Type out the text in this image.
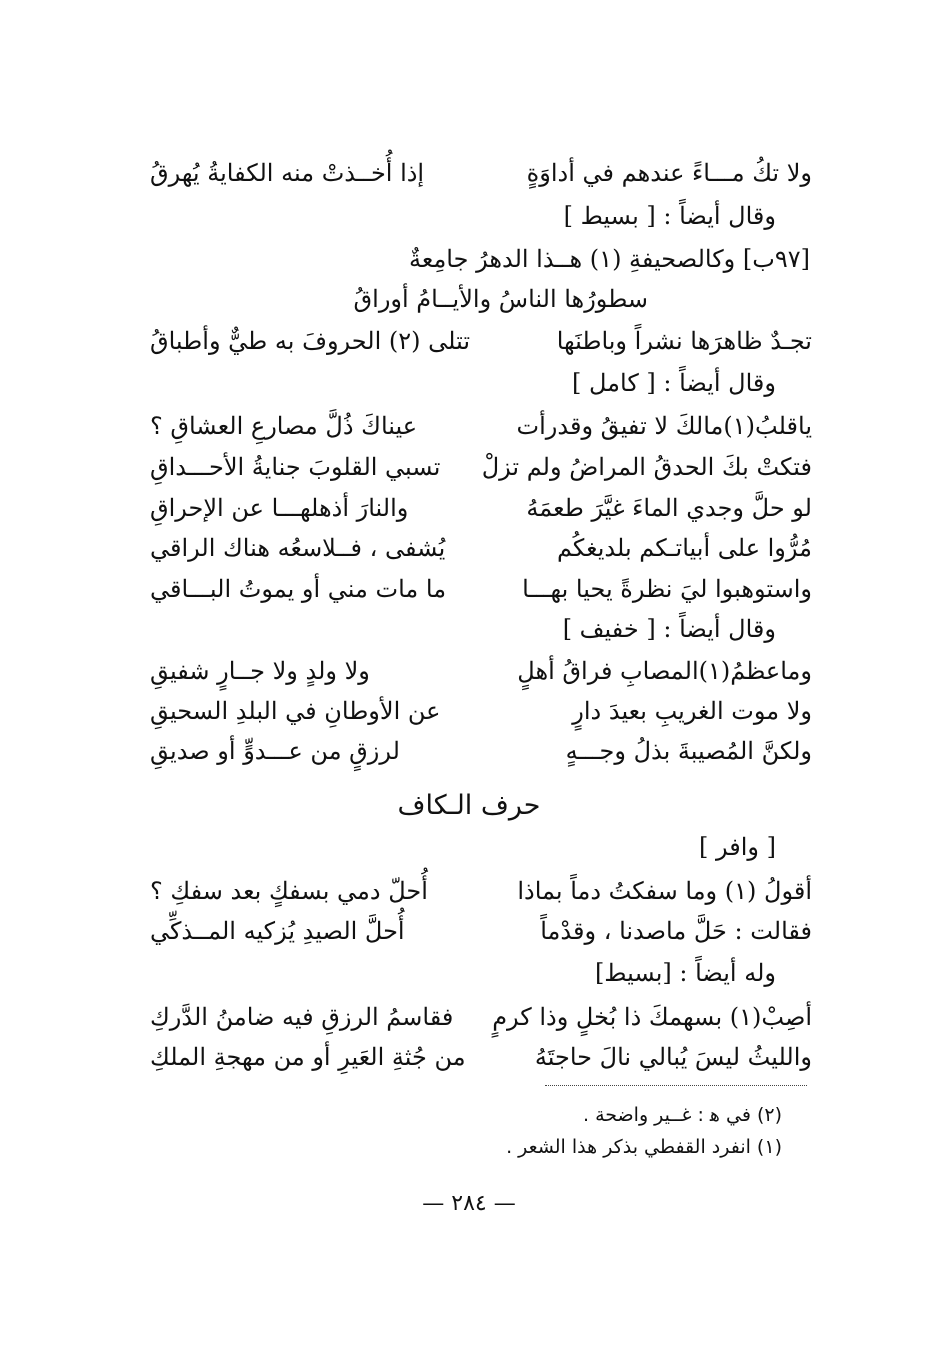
ولا تكُ مـــاءً عندهم في أداوَةٍ
إذا أُخــذتْ منه الكفايةُ يُهرقُ
وقال أيضاً : [ بسيط ]
[٩٧ب] وكالصحيفةِ (١) هــذا الدهرُ جامِعةٌ
سطورُها الناسُ والأيــامُ أوراقُ
تجـدٌ ظاهرَها نشراً وباطنَها
تتلى (٢) الحروفَ به طيٌّ وأطباقُ
وقال أيضاً : [ كامل ]
ياقلبُ(١)مالكَ لا تفيقُ وقدرأت
عيناكَ ذُلَّ مصارعِ العشاقِ ؟
فتكتْ بكَ الحدقُ المراضُ ولم تزلْ
تسبي القلوبَ جنايةُ الأحـــداقِ
لو حلَّ وجدي الماءَ غيَّرَ طعمَهُ
والنارَ أذهلهـــا عن الإحراقِ
مُرُّوا على أبياتـكم بلديغكُم
يُشفى ، فــلاسعُه هناك الراقي
واستوهبوا ليَ نظرةً يحيا بهـــا
ما مات مني أو يموتُ البـــاقي
وقال أيضاً : [ خفيف ]
وماعظمُ(١)المصابِ فراقُ أهلٍ
ولا ولدٍ ولا جــارٍ شفيقِ
ولا موت الغريبِ بعيدَ دارٍ
عن الأوطانِ في البلدِ السحيقِ
ولكنَّ المُصيبةَ بذلُ وجـــهٍ
لرزقٍ من عـــدوٍّ أو صديقِ
حرف الـكاف
[ وافر ]
أقولُ (١) وما سفكتُ دماً بماذا
أُحلّ دمي بسفكٍ بعد سفكِ ؟
فقالت : حَلَّ ماصدنا ، وقدْماً
أُحلَّ الصيدِ يُزكيه المــذكِّي
وله أيضاً : [بسيط]
أصِبْ(١) بسهمكَ ذا بُخلٍ وذا كرمٍ
فقاسمُ الرزقِ فيه ضامنُ الدَّركِ
والليثُ ليسَ يُبالي نالَ حاجتَهُ
من جُثةِ العَيرِ أو من مهجةِ الملكِ
(٢) في ﻫ : غــير واضحة .
(١) انفرد القفطي بذكر هذا الشعر .
— ٢٨٤ —
